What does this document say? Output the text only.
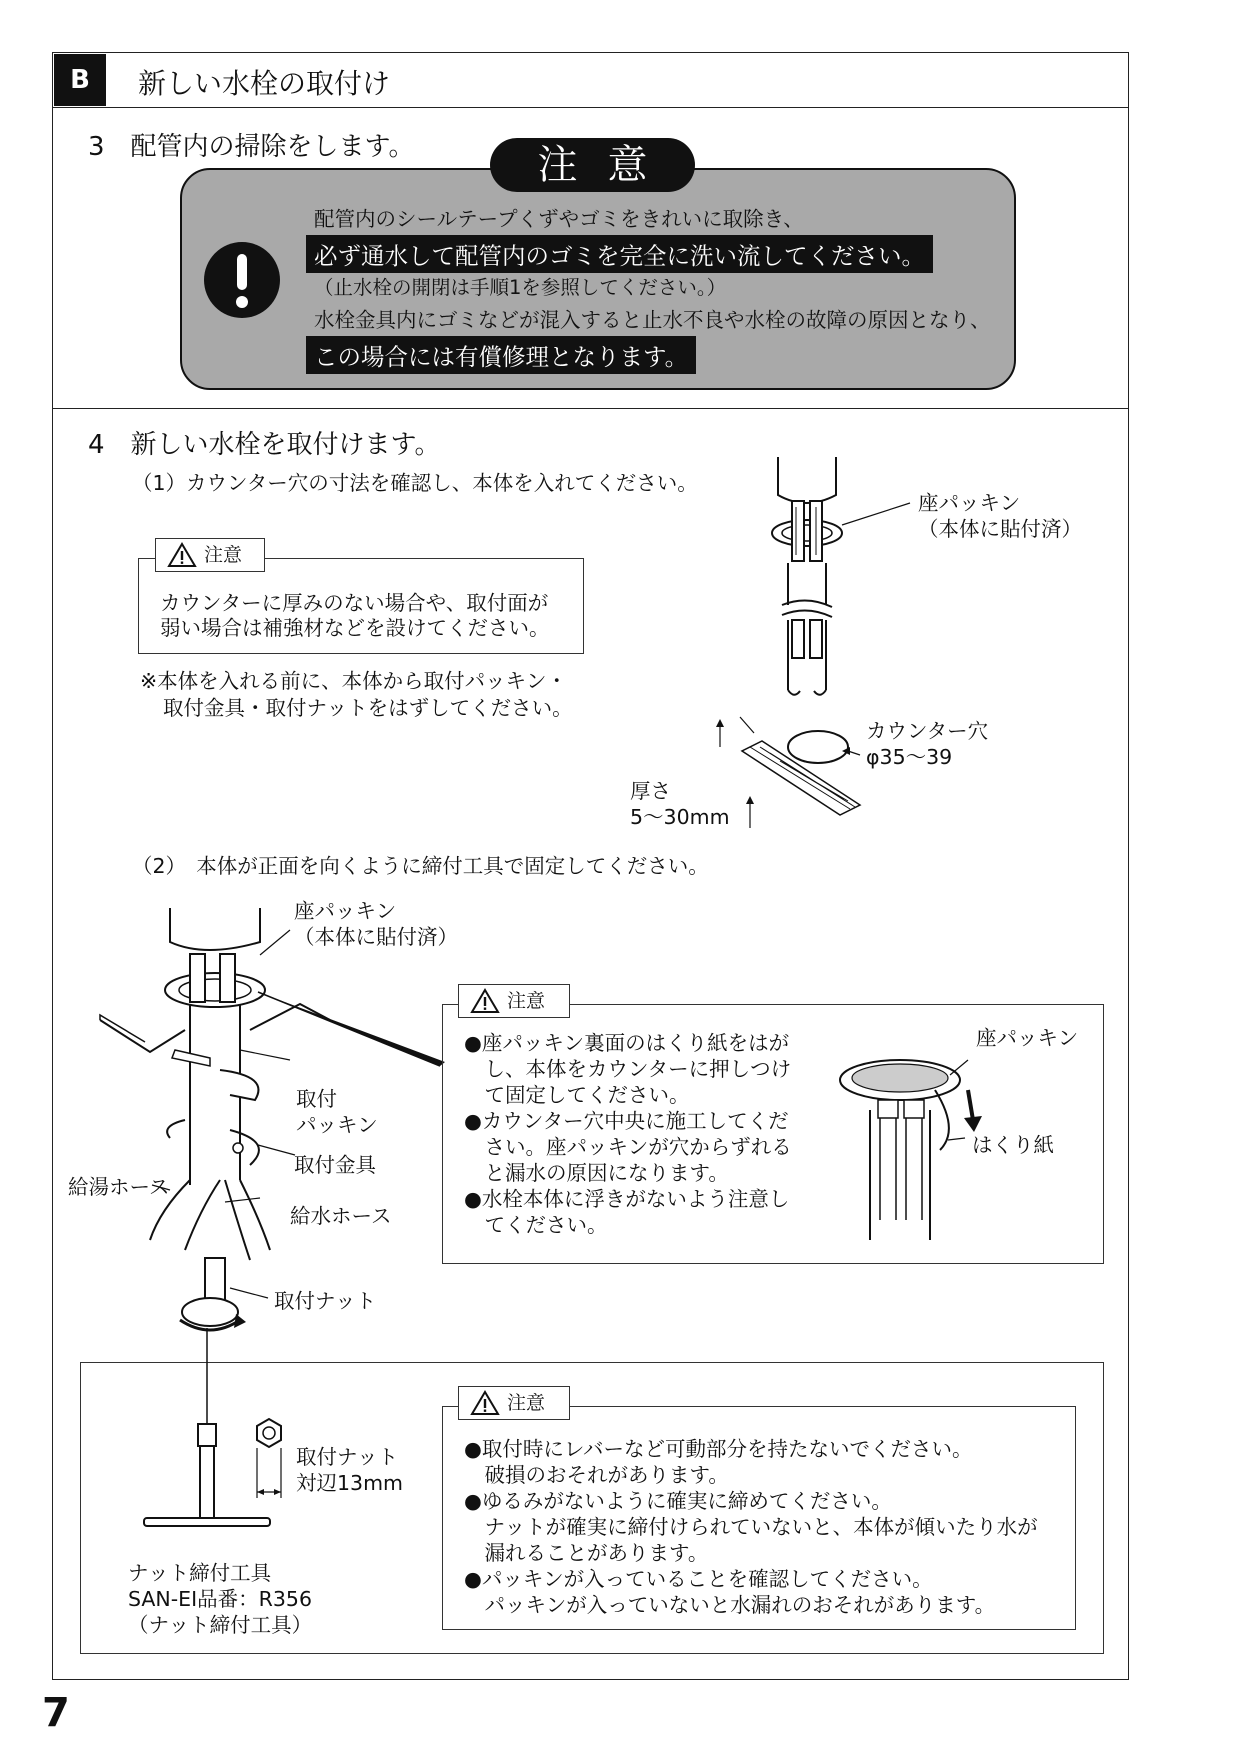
B	新しい水栓の取付け
3　配管内の掃除をします。	注意
配管内のシールテープくずやゴミをきれいに取除き、
必ず通水して配管内のゴミを完全に洗い流してください。
（止水栓の開閉は手順1を参照してください。）
水栓金具内にゴミなどが混入すると止水不良や水栓の故障の原因となり、
この場合には有償修理となります。
4　新しい水栓を取付けます。
（1）カウンター穴の寸法を確認し、本体を入れてください。
注意
カウンターに厚みのない場合や、取付面が
弱い場合は補強材などを設けてください。
※本体を入れる前に、本体から取付パッキン・
取付金具・取付ナットをはずしてください。
座パッキン
（本体に貼付済）
カウンター穴
φ35〜39
厚さ
5〜30mm
（2）　本体が正面を向くように締付工具で固定してください。
座パッキン
（本体に貼付済）
取付
パッキン
取付金具
給湯ホース
給水ホース
取付ナット
注意
●座パッキン裏面のはくり紙をはが
　し、本体をカウンターに押しつけ
　て固定してください。
●カウンター穴中央に施工してくだ
　さい。座パッキンが穴からずれる
　と漏水の原因になります。
●水栓本体に浮きがないよう注意し
　てください。
座パッキン
はくり紙
取付ナット
対辺13mm
ナット締付工具
SAN-EI品番：R356
（ナット締付工具）
注意
●取付時にレバーなど可動部分を持たないでください。
　破損のおそれがあります。
●ゆるみがないように確実に締めてください。
　ナットが確実に締付けられていないと、本体が傾いたり水が
　漏れることがあります。
●パッキンが入っていることを確認してください。
　パッキンが入っていないと水漏れのおそれがあります。
7
